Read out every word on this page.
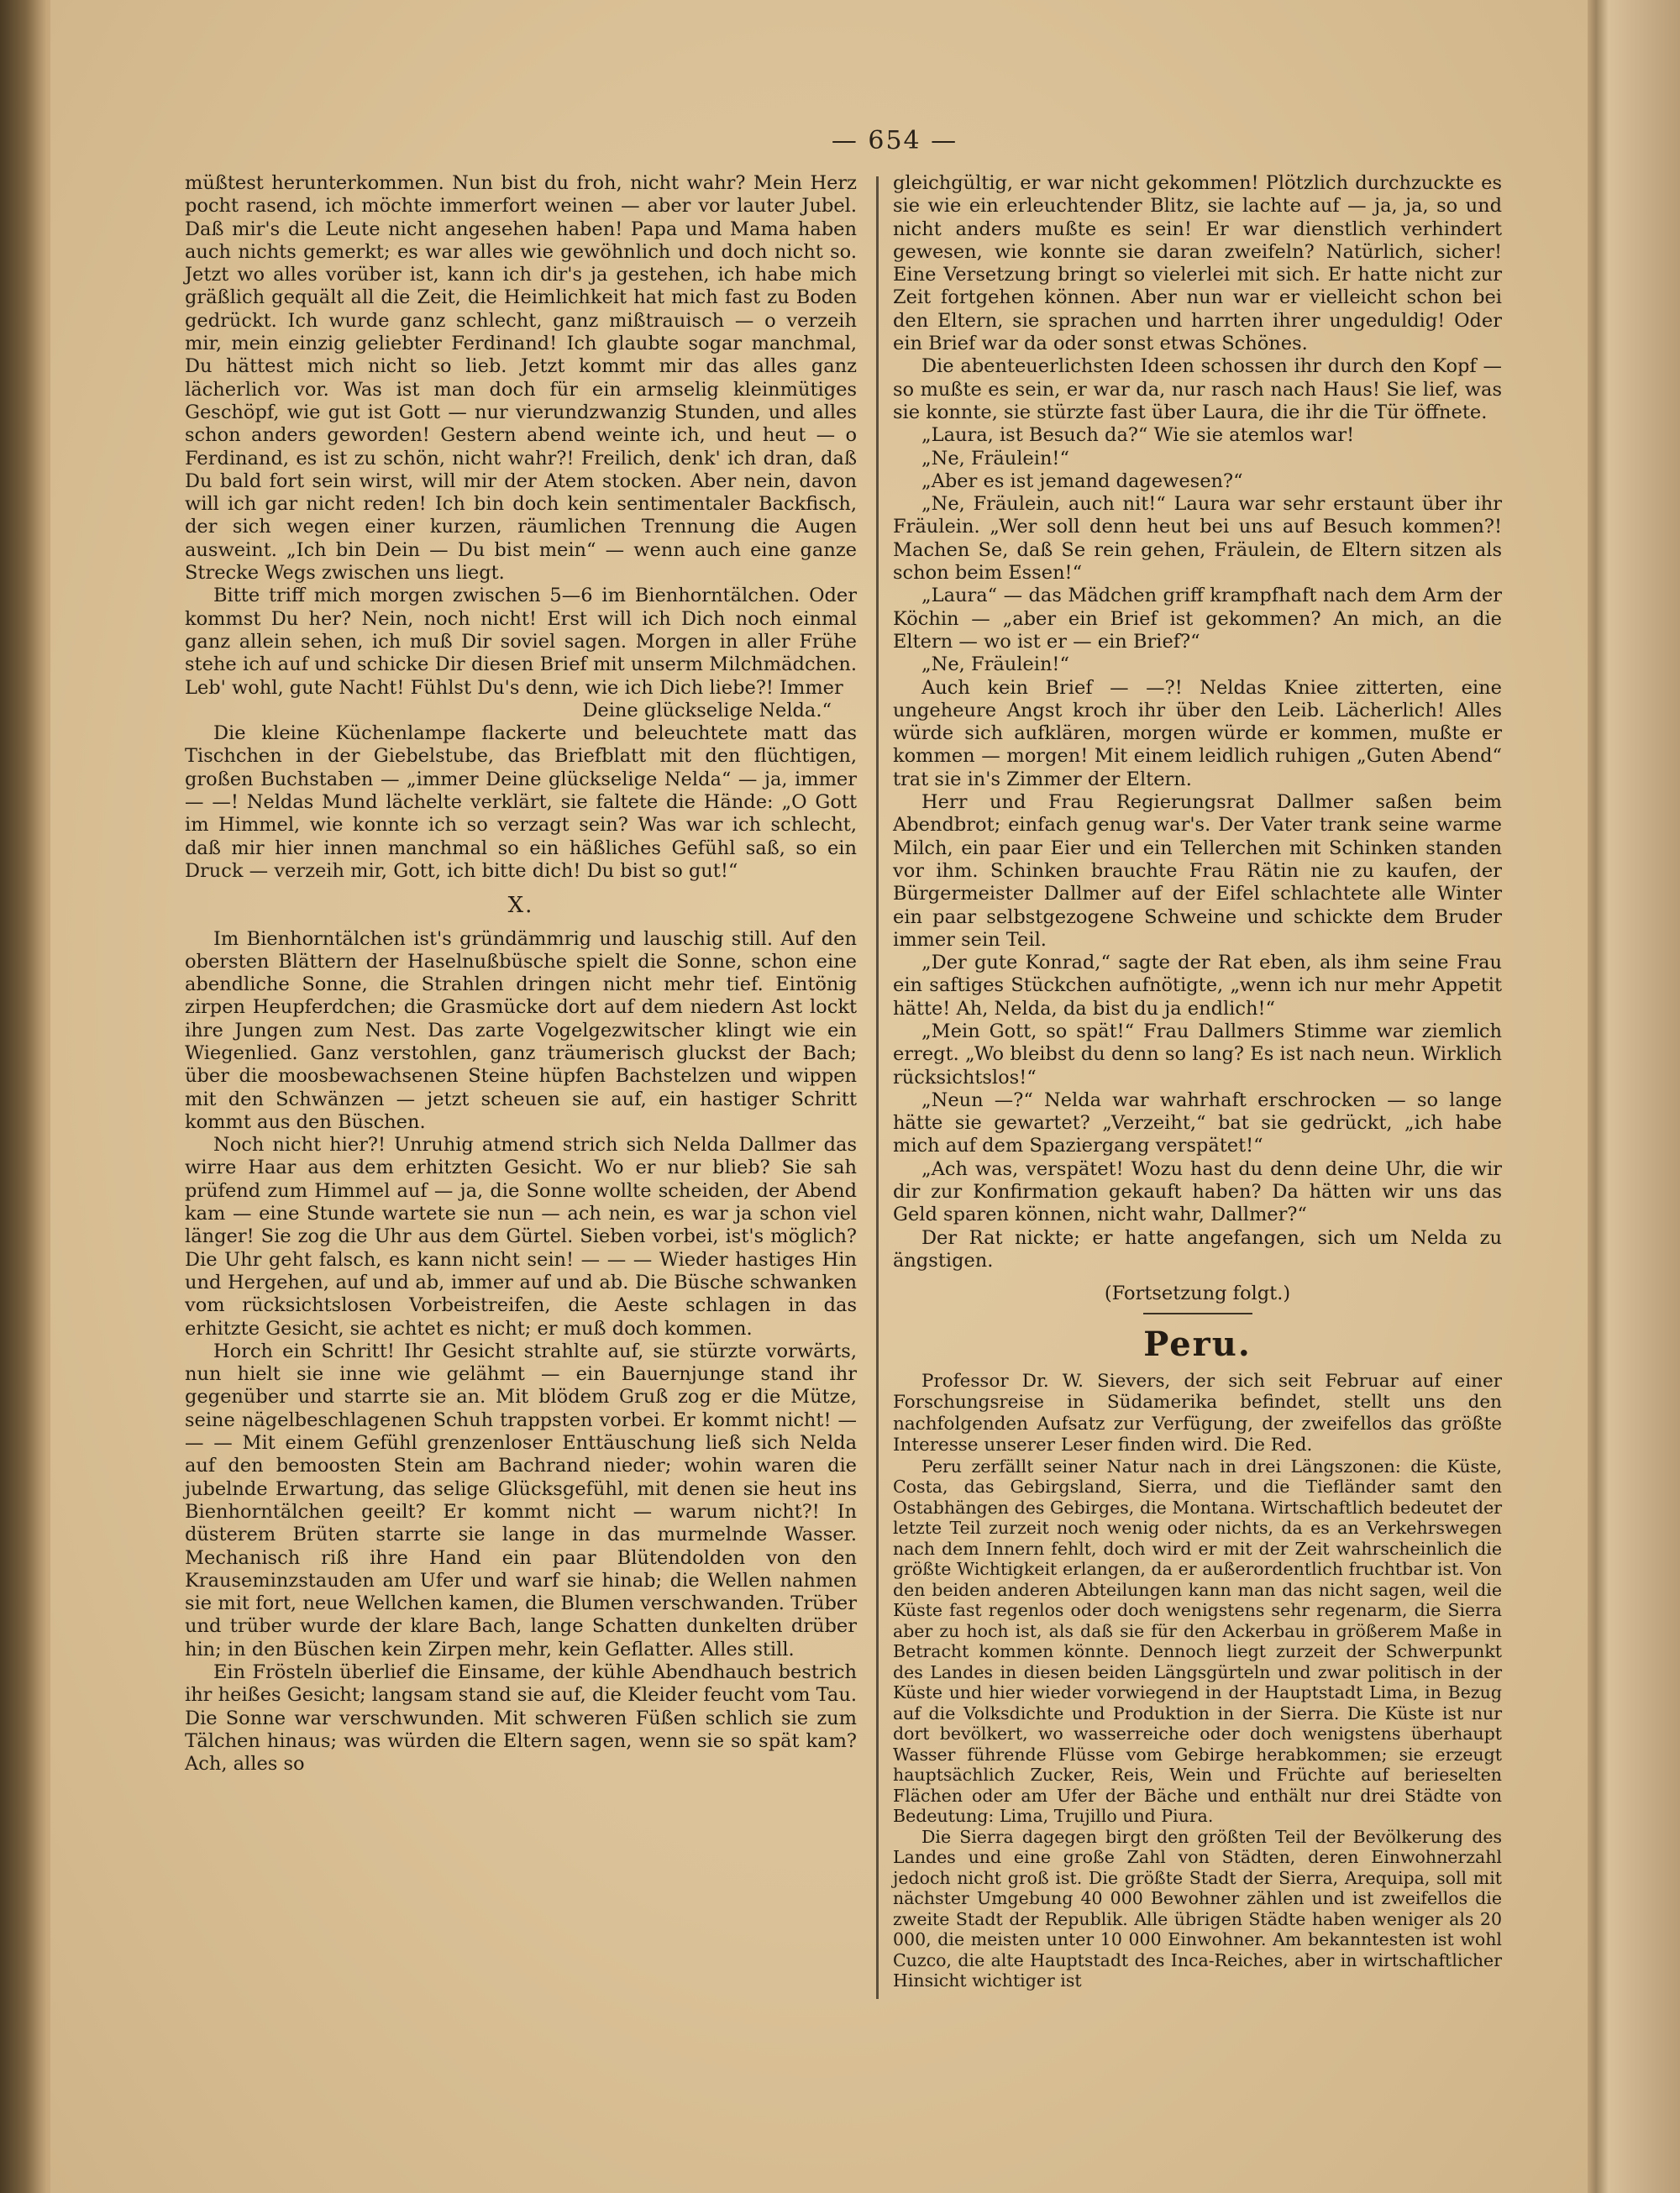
— 654 —

müßtest herunterkommen. Nun bist du froh, nicht wahr? Mein Herz pocht rasend, ich möchte immerfort weinen — aber vor lauter Jubel. Daß mir's die Leute nicht angesehen haben! Papa und Mama haben auch nichts gemerkt; es war alles wie gewöhnlich und doch nicht so. Jetzt wo alles vorüber ist, kann ich dir's ja gestehen, ich habe mich gräßlich gequält all die Zeit, die Heimlichkeit hat mich fast zu Boden gedrückt. Ich wurde ganz schlecht, ganz mißtrauisch — o verzeih mir, mein einzig geliebter Ferdinand! Ich glaubte sogar manchmal, Du hättest mich nicht so lieb. Jetzt kommt mir das alles ganz lächerlich vor. Was ist man doch für ein armselig kleinmütiges Geschöpf, wie gut ist Gott — nur vierundzwanzig Stunden, und alles schon anders geworden! Gestern abend weinte ich, und heut — o Ferdinand, es ist zu schön, nicht wahr?! Freilich, denk' ich dran, daß Du bald fort sein wirst, will mir der Atem stocken. Aber nein, davon will ich gar nicht reden! Ich bin doch kein sentimentaler Backfisch, der sich wegen einer kurzen, räumlichen Trennung die Augen ausweint. „Ich bin Dein — Du bist mein“ — wenn auch eine ganze Strecke Wegs zwischen uns liegt.

Bitte triff mich morgen zwischen 5—6 im Bienhorntälchen. Oder kommst Du her? Nein, noch nicht! Erst will ich Dich noch einmal ganz allein sehen, ich muß Dir soviel sagen. Morgen in aller Frühe stehe ich auf und schicke Dir diesen Brief mit unserm Milchmädchen. Leb' wohl, gute Nacht! Fühlst Du's denn, wie ich Dich liebe?! Immer

Deine glückselige Nelda.“

Die kleine Küchenlampe flackerte und beleuchtete matt das Tischchen in der Giebelstube, das Briefblatt mit den flüchtigen, großen Buchstaben — „immer Deine glückselige Nelda“ — ja, immer — —! Neldas Mund lächelte verklärt, sie faltete die Hände: „O Gott im Himmel, wie konnte ich so verzagt sein? Was war ich schlecht, daß mir hier innen manchmal so ein häßliches Gefühl saß, so ein Druck — verzeih mir, Gott, ich bitte dich! Du bist so gut!“

X.

Im Bienhorntälchen ist's gründämmrig und lauschig still. Auf den obersten Blättern der Haselnußbüsche spielt die Sonne, schon eine abendliche Sonne, die Strahlen dringen nicht mehr tief. Eintönig zirpen Heupferdchen; die Grasmücke dort auf dem niedern Ast lockt ihre Jungen zum Nest. Das zarte Vogelgezwitscher klingt wie ein Wiegenlied. Ganz verstohlen, ganz träumerisch gluckst der Bach; über die moosbewachsenen Steine hüpfen Bachstelzen und wippen mit den Schwänzen — jetzt scheuen sie auf, ein hastiger Schritt kommt aus den Büschen.

Noch nicht hier?! Unruhig atmend strich sich Nelda Dallmer das wirre Haar aus dem erhitzten Gesicht. Wo er nur blieb? Sie sah prüfend zum Himmel auf — ja, die Sonne wollte scheiden, der Abend kam — eine Stunde wartete sie nun — ach nein, es war ja schon viel länger! Sie zog die Uhr aus dem Gürtel. Sieben vorbei, ist's möglich? Die Uhr geht falsch, es kann nicht sein! — — — Wieder hastiges Hin und Hergehen, auf und ab, immer auf und ab. Die Büsche schwanken vom rücksichtslosen Vorbeistreifen, die Aeste schlagen in das erhitzte Gesicht, sie achtet es nicht; er muß doch kommen.

Horch ein Schritt! Ihr Gesicht strahlte auf, sie stürzte vorwärts, nun hielt sie inne wie gelähmt — ein Bauernjunge stand ihr gegenüber und starrte sie an. Mit blödem Gruß zog er die Mütze, seine nägelbeschlagenen Schuh trappsten vorbei. Er kommt nicht! — — — Mit einem Gefühl grenzenloser Enttäuschung ließ sich Nelda auf den bemoosten Stein am Bachrand nieder; wohin waren die jubelnde Erwartung, das selige Glücksgefühl, mit denen sie heut ins Bienhorntälchen geeilt? Er kommt nicht — warum nicht?! In düsterem Brüten starrte sie lange in das murmelnde Wasser. Mechanisch riß ihre Hand ein paar Blütendolden von den Krauseminzstauden am Ufer und warf sie hinab; die Wellen nahmen sie mit fort, neue Wellchen kamen, die Blumen verschwanden. Trüber und trüber wurde der klare Bach, lange Schatten dunkelten drüber hin; in den Büschen kein Zirpen mehr, kein Geflatter. Alles still.

Ein Frösteln überlief die Einsame, der kühle Abendhauch bestrich ihr heißes Gesicht; langsam stand sie auf, die Kleider feucht vom Tau. Die Sonne war verschwunden. Mit schweren Füßen schlich sie zum Tälchen hinaus; was würden die Eltern sagen, wenn sie so spät kam? Ach, alles so

gleichgültig, er war nicht gekommen! Plötzlich durchzuckte es sie wie ein erleuchtender Blitz, sie lachte auf — ja, ja, so und nicht anders mußte es sein! Er war dienstlich verhindert gewesen, wie konnte sie daran zweifeln? Natürlich, sicher! Eine Versetzung bringt so vielerlei mit sich. Er hatte nicht zur Zeit fortgehen können. Aber nun war er vielleicht schon bei den Eltern, sie sprachen und harrten ihrer ungeduldig! Oder ein Brief war da oder sonst etwas Schönes.

Die abenteuerlichsten Ideen schossen ihr durch den Kopf — so mußte es sein, er war da, nur rasch nach Haus! Sie lief, was sie konnte, sie stürzte fast über Laura, die ihr die Tür öffnete.

„Laura, ist Besuch da?“ Wie sie atemlos war!

„Ne, Fräulein!“

„Aber es ist jemand dagewesen?“

„Ne, Fräulein, auch nit!“ Laura war sehr erstaunt über ihr Fräulein. „Wer soll denn heut bei uns auf Besuch kommen?! Machen Se, daß Se rein gehen, Fräulein, de Eltern sitzen als schon beim Essen!“

„Laura“ — das Mädchen griff krampfhaft nach dem Arm der Köchin — „aber ein Brief ist gekommen? An mich, an die Eltern — wo ist er — ein Brief?“

„Ne, Fräulein!“

Auch kein Brief — —?! Neldas Kniee zitterten, eine ungeheure Angst kroch ihr über den Leib. Lächerlich! Alles würde sich aufklären, morgen würde er kommen, mußte er kommen — morgen! Mit einem leidlich ruhigen „Guten Abend“ trat sie in's Zimmer der Eltern.

Herr und Frau Regierungsrat Dallmer saßen beim Abendbrot; einfach genug war's. Der Vater trank seine warme Milch, ein paar Eier und ein Tellerchen mit Schinken standen vor ihm. Schinken brauchte Frau Rätin nie zu kaufen, der Bürgermeister Dallmer auf der Eifel schlachtete alle Winter ein paar selbstgezogene Schweine und schickte dem Bruder immer sein Teil.

„Der gute Konrad,“ sagte der Rat eben, als ihm seine Frau ein saftiges Stückchen aufnötigte, „wenn ich nur mehr Appetit hätte! Ah, Nelda, da bist du ja endlich!“

„Mein Gott, so spät!“ Frau Dallmers Stimme war ziemlich erregt. „Wo bleibst du denn so lang? Es ist nach neun. Wirklich rücksichtslos!“

„Neun —?“ Nelda war wahrhaft erschrocken — so lange hätte sie gewartet? „Verzeiht,“ bat sie gedrückt, „ich habe mich auf dem Spaziergang verspätet!“

„Ach was, verspätet! Wozu hast du denn deine Uhr, die wir dir zur Konfirmation gekauft haben? Da hätten wir uns das Geld sparen können, nicht wahr, Dallmer?“

Der Rat nickte; er hatte angefangen, sich um Nelda zu ängstigen.

(Fortsetzung folgt.)

Peru.

Professor Dr. W. Sievers, der sich seit Februar auf einer Forschungsreise in Südamerika befindet, stellt uns den nachfolgenden Aufsatz zur Verfügung, der zweifellos das größte Interesse unserer Leser finden wird. Die Red.

Peru zerfällt seiner Natur nach in drei Längszonen: die Küste, Costa, das Gebirgsland, Sierra, und die Tiefländer samt den Ostabhängen des Gebirges, die Montana. Wirtschaftlich bedeutet der letzte Teil zurzeit noch wenig oder nichts, da es an Verkehrswegen nach dem Innern fehlt, doch wird er mit der Zeit wahrscheinlich die größte Wichtigkeit erlangen, da er außerordentlich fruchtbar ist. Von den beiden anderen Abteilungen kann man das nicht sagen, weil die Küste fast regenlos oder doch wenigstens sehr regenarm, die Sierra aber zu hoch ist, als daß sie für den Ackerbau in größerem Maße in Betracht kommen könnte. Dennoch liegt zurzeit der Schwerpunkt des Landes in diesen beiden Längsgürteln und zwar politisch in der Küste und hier wieder vorwiegend in der Hauptstadt Lima, in Bezug auf die Volksdichte und Produktion in der Sierra. Die Küste ist nur dort bevölkert, wo wasserreiche oder doch wenigstens überhaupt Wasser führende Flüsse vom Gebirge herabkommen; sie erzeugt hauptsächlich Zucker, Reis, Wein und Früchte auf berieselten Flächen oder am Ufer der Bäche und enthält nur drei Städte von Bedeutung: Lima, Trujillo und Piura.

Die Sierra dagegen birgt den größten Teil der Bevölkerung des Landes und eine große Zahl von Städten, deren Einwohnerzahl jedoch nicht groß ist. Die größte Stadt der Sierra, Arequipa, soll mit nächster Umgebung 40 000 Bewohner zählen und ist zweifellos die zweite Stadt der Republik. Alle übrigen Städte haben weniger als 20 000, die meisten unter 10 000 Einwohner. Am bekanntesten ist wohl Cuzco, die alte Hauptstadt des Inca-Reiches, aber in wirtschaftlicher Hinsicht wichtiger ist
